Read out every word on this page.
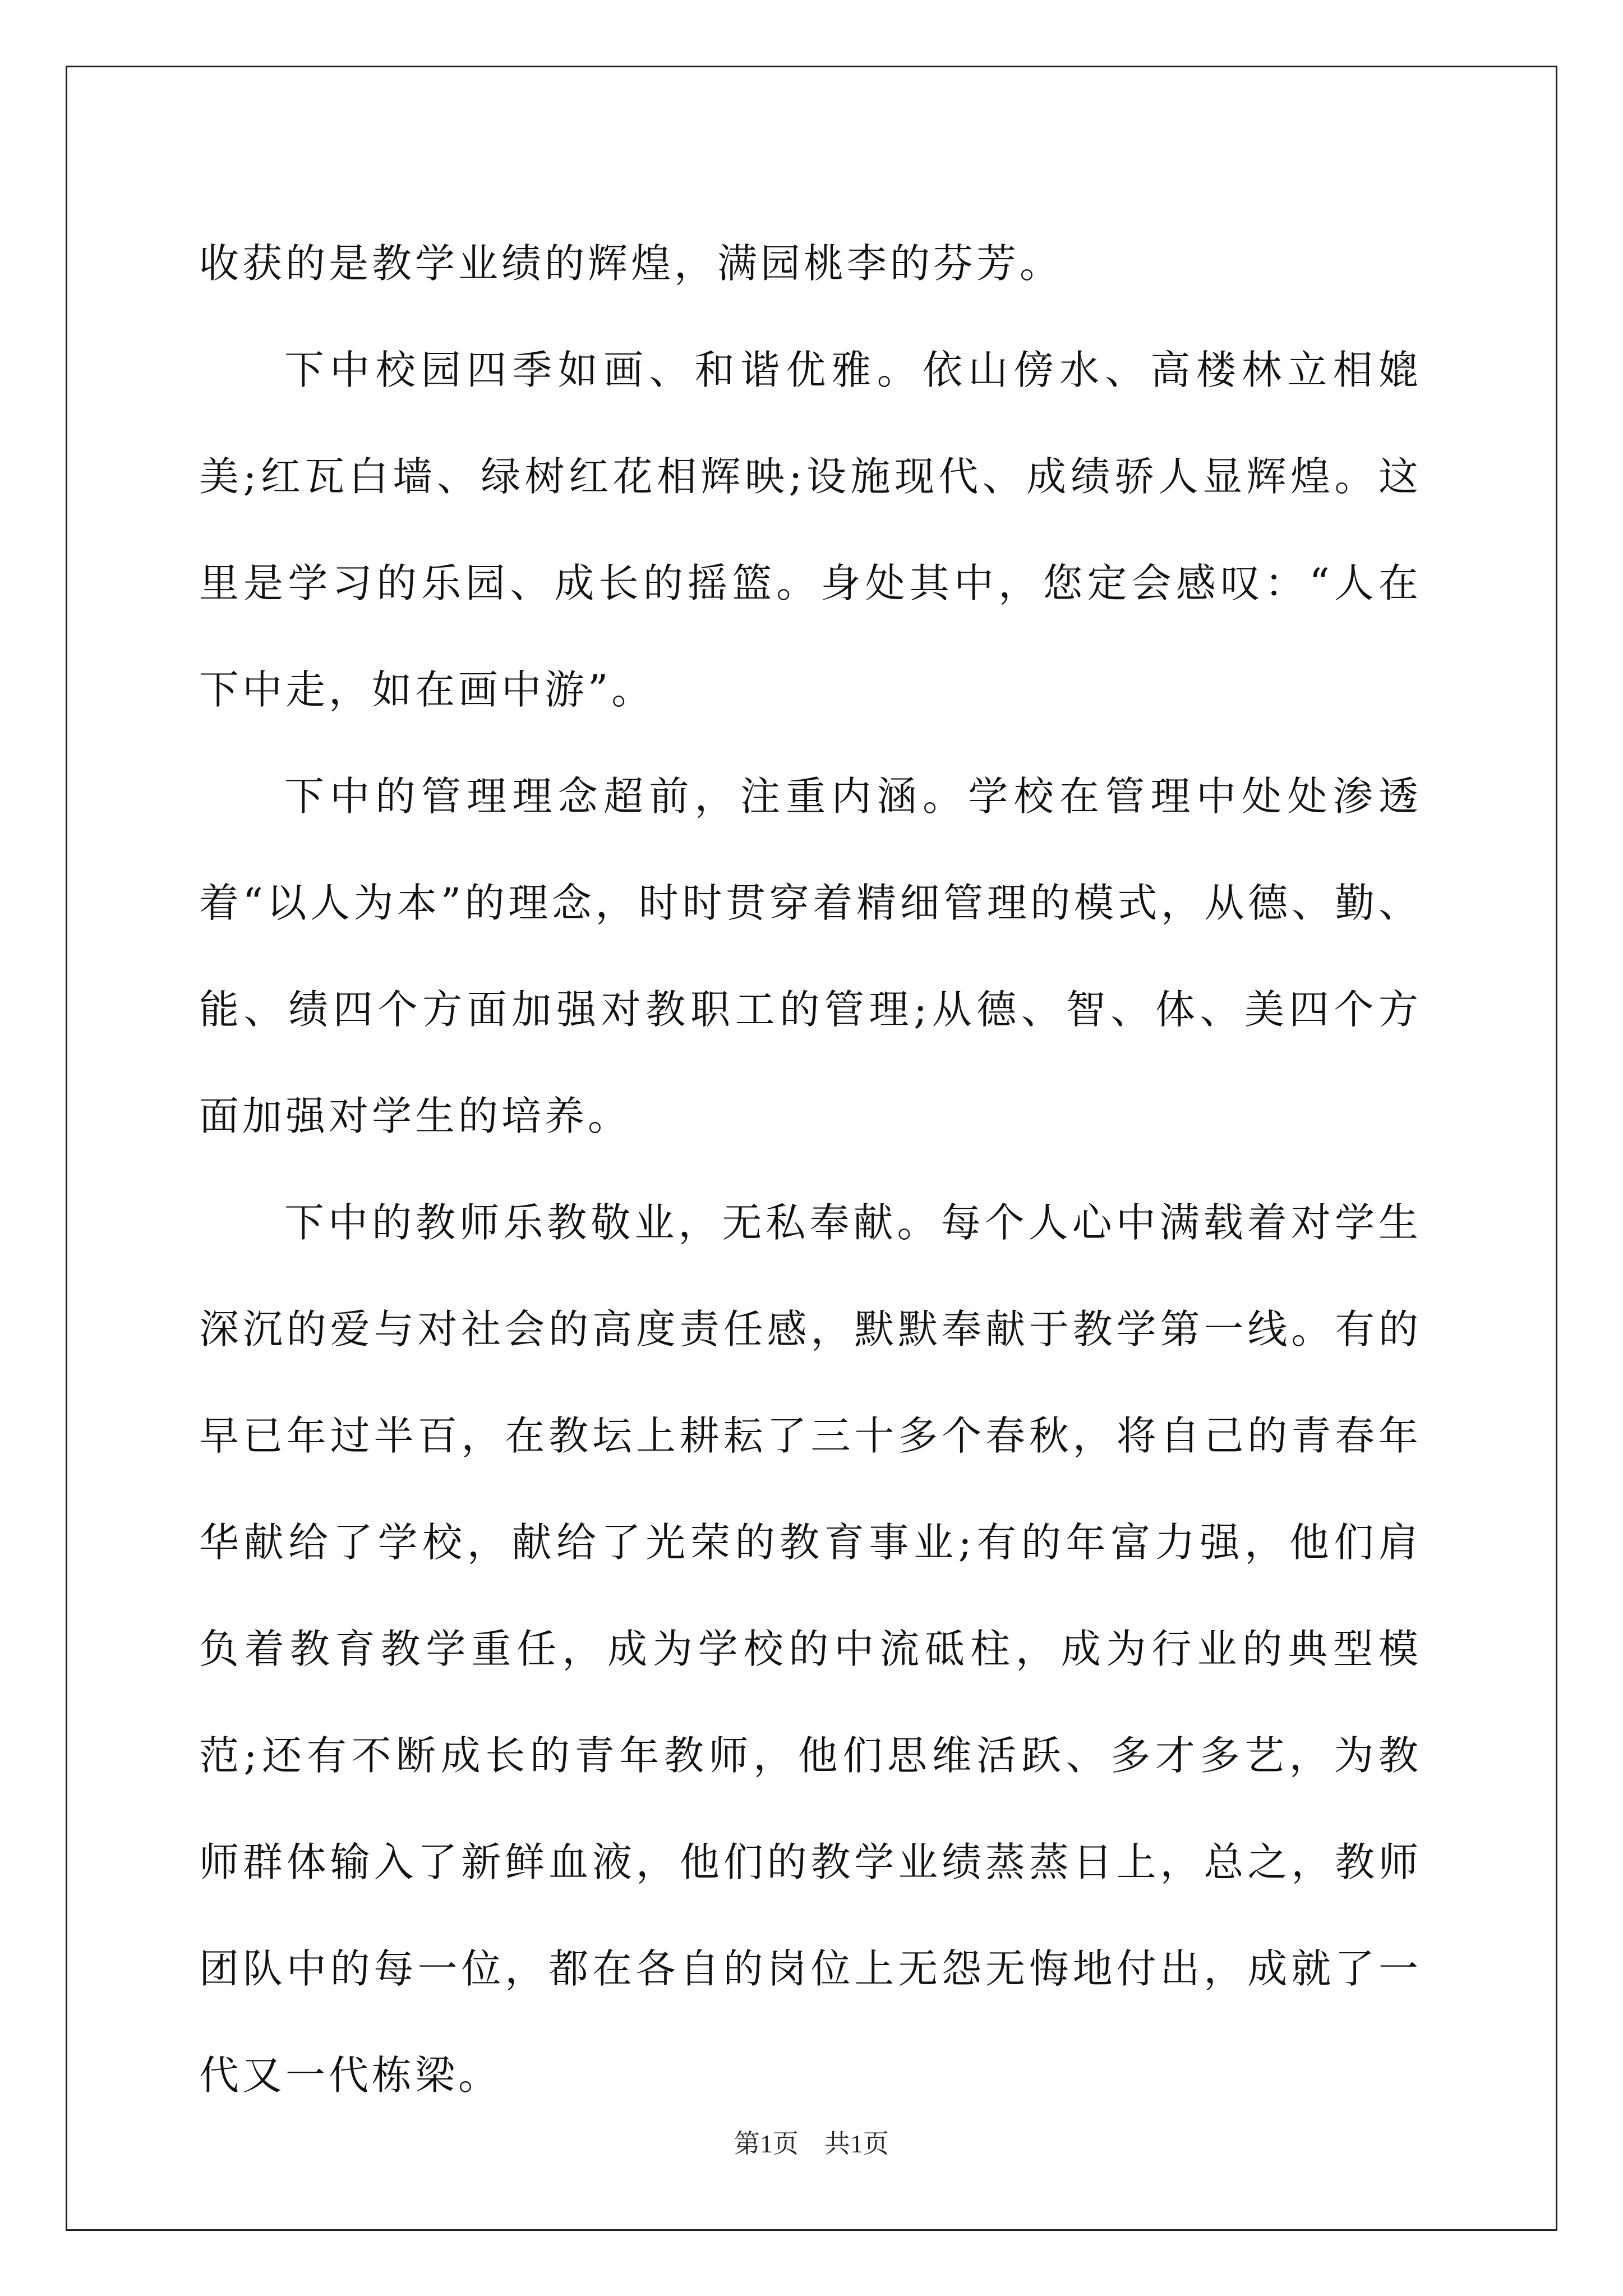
收获的是教学业绩的辉煌，满园桃李的芬芳。

下中校园四季如画、和谐优雅。依山傍水、高楼林立相媲美;红瓦白墙、绿树红花相辉映;设施现代、成绩骄人显辉煌。这里是学习的乐园、成长的摇篮。身处其中，您定会感叹：“人在下中走，如在画中游”。

下中的管理理念超前，注重内涵。学校在管理中处处渗透着“以人为本”的理念，时时贯穿着精细管理的模式，从德、勤、能、绩四个方面加强对教职工的管理;从德、智、体、美四个方面加强对学生的培养。

下中的教师乐教敬业，无私奉献。每个人心中满载着对学生深沉的爱与对社会的高度责任感，默默奉献于教学第一线。有的早已年过半百，在教坛上耕耘了三十多个春秋，将自己的青春年华献给了学校，献给了光荣的教育事业;有的年富力强，他们肩负着教育教学重任，成为学校的中流砥柱，成为行业的典型模范;还有不断成长的青年教师，他们思维活跃、多才多艺，为教师群体输入了新鲜血液，他们的教学业绩蒸蒸日上，总之，教师团队中的每一位，都在各自的岗位上无怨无悔地付出，成就了一代又一代栋梁。

第1页　共1页
